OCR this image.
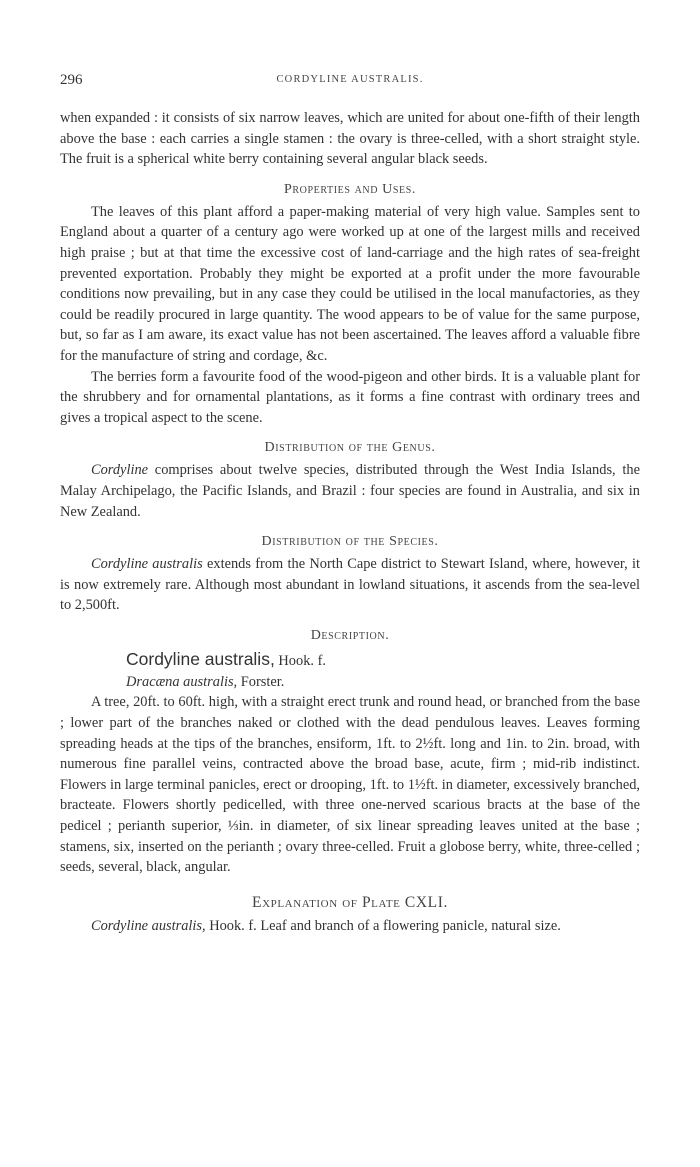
296	CORDYLINE AUSTRALIS.

when expanded : it consists of six narrow leaves, which are united for about one-fifth of their length above the base : each carries a single stamen : the ovary is three-celled, with a short straight style. The fruit is a spherical white berry containing several angular black seeds.

Properties and Uses.

The leaves of this plant afford a paper-making material of very high value. Samples sent to England about a quarter of a century ago were worked up at one of the largest mills and received high praise ; but at that time the excessive cost of land-carriage and the high rates of sea-freight prevented exportation. Probably they might be exported at a profit under the more favourable conditions now prevailing, but in any case they could be utilised in the local manufactories, as they could be readily procured in large quantity. The wood appears to be of value for the same purpose, but, so far as I am aware, its exact value has not been ascertained. The leaves afford a valuable fibre for the manufacture of string and cordage, &c.

The berries form a favourite food of the wood-pigeon and other birds. It is a valuable plant for the shrubbery and for ornamental plantations, as it forms a fine contrast with ordinary trees and gives a tropical aspect to the scene.

Distribution of the Genus.

Cordyline comprises about twelve species, distributed through the West India Islands, the Malay Archipelago, the Pacific Islands, and Brazil : four species are found in Australia, and six in New Zealand.

Distribution of the Species.

Cordyline australis extends from the North Cape district to Stewart Island, where, however, it is now extremely rare. Although most abundant in lowland situations, it ascends from the sea-level to 2,500ft.

Description.
Cordyline australis, Hook. f.
Dracæna australis, Forster.

A tree, 20ft. to 60ft. high, with a straight erect trunk and round head, or branched from the base ; lower part of the branches naked or clothed with the dead pendulous leaves. Leaves forming spreading heads at the tips of the branches, ensiform, 1ft. to 2½ft. long and 1in. to 2in. broad, with numerous fine parallel veins, contracted above the broad base, acute, firm ; mid-rib indistinct. Flowers in large terminal panicles, erect or drooping, 1ft. to 1½ft. in diameter, excessively branched, bracteate. Flowers shortly pedicelled, with three one-nerved scarious bracts at the base of the pedicel ; perianth superior, ⅓in. in diameter, of six linear spreading leaves united at the base ; stamens, six, inserted on the perianth ; ovary three-celled. Fruit a globose berry, white, three-celled ; seeds, several, black, angular.

Explanation of Plate CXLI.

Cordyline australis, Hook. f. Leaf and branch of a flowering panicle, natural size.
